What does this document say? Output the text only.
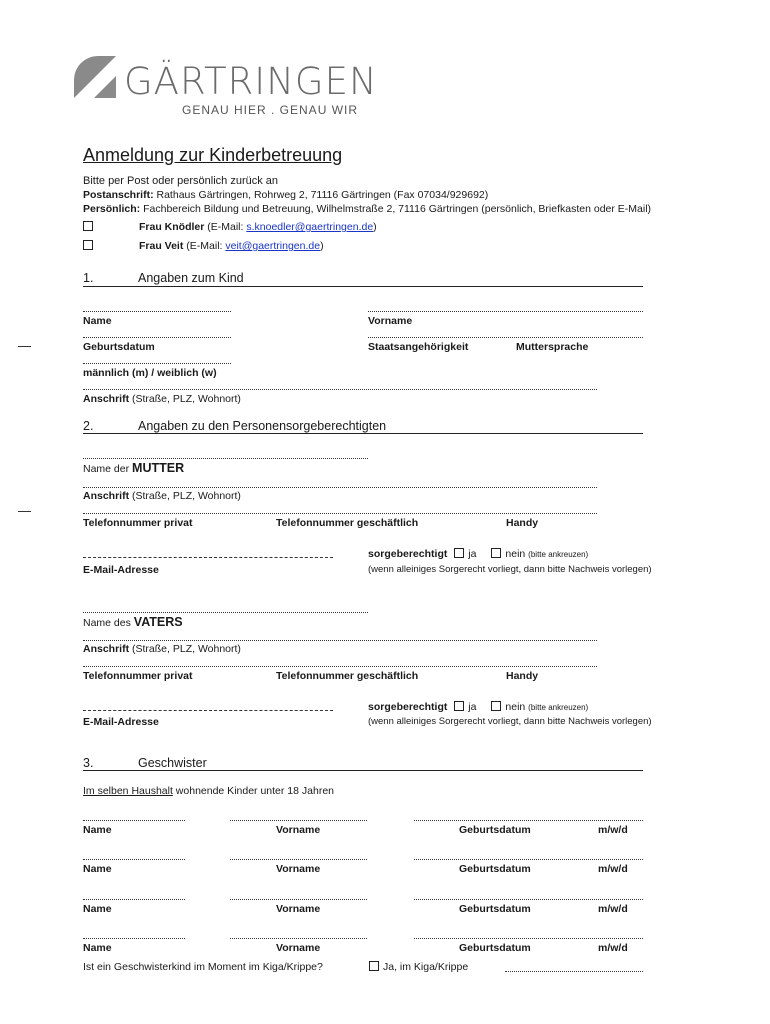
GÄRTRINGEN
GENAU HIER . GENAU WIR
Anmeldung zur Kinderbetreuung
Bitte per Post oder persönlich zurück an
Postanschrift: Rathaus Gärtringen, Rohrweg 2, 71116 Gärtringen (Fax 07034/929692)
Persönlich: Fachbereich Bildung und Betreuung, Wilhelmstraße 2, 71116 Gärtringen (persönlich, Briefkasten oder E-Mail)
Frau Knödler (E-Mail: s.knoedler@gaertringen.de)
Frau Veit (E-Mail: veit@gaertringen.de)
1.	Angaben zum Kind
Name	Vorname
Geburtsdatum	Staatsangehörigkeit	Muttersprache
männlich (m) / weiblich (w)
Anschrift (Straße, PLZ, Wohnort)
2.	Angaben zu den Personensorgeberechtigten
Name der MUTTER
Anschrift (Straße, PLZ, Wohnort)
Telefonnummer privat	Telefonnummer geschäftlich	Handy
sorgeberechtigt ja	nein (bitte ankreuzen)
E-Mail-Adresse	(wenn alleiniges Sorgerecht vorliegt, dann bitte Nachweis vorlegen)
Name des VATERS
Anschrift (Straße, PLZ, Wohnort)
Telefonnummer privat	Telefonnummer geschäftlich	Handy
sorgeberechtigt ja	nein (bitte ankreuzen)
E-Mail-Adresse	(wenn alleiniges Sorgerecht vorliegt, dann bitte Nachweis vorlegen)
3.	Geschwister
Im selben Haushalt wohnende Kinder unter 18 Jahren
Name	Vorname	Geburtsdatum	m/w/d
Name	Vorname	Geburtsdatum	m/w/d
Name	Vorname	Geburtsdatum	m/w/d
Name	Vorname	Geburtsdatum	m/w/d
Ist ein Geschwisterkind im Moment im Kiga/Krippe?	Ja, im Kiga/Krippe
